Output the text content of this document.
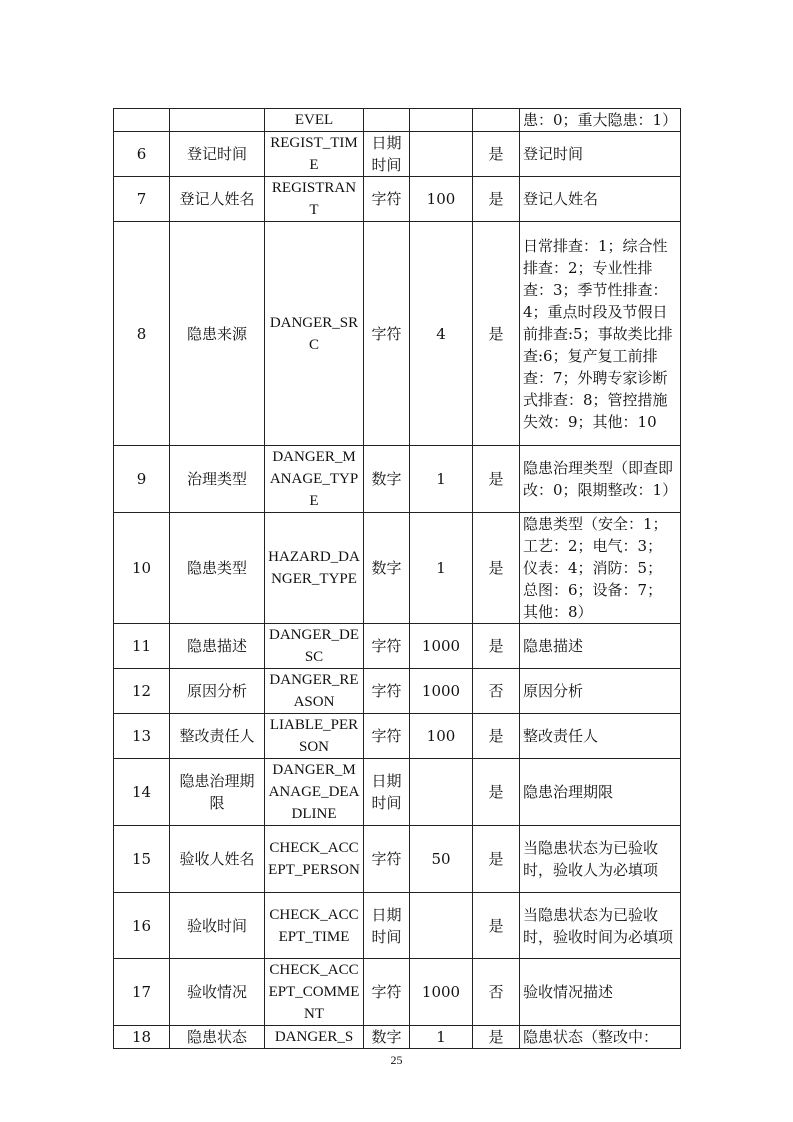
		EVEL				患：0；重大隐患：1）
6	登记时间	REGIST_TIME	日期时间		是	登记时间
7	登记人姓名	REGISTRANT	字符	100	是	登记人姓名
8	隐患来源	DANGER_SRC	字符	4	是	日常排查：1；综合性排查：2；专业性排查：3；季节性排查：4；重点时段及节假日前排查:5；事故类比排查:6；复产复工前排查：7；外聘专家诊断式排查：8；管控措施失效：9；其他：10
9	治理类型	DANGER_MANAGE_TYPE	数字	1	是	隐患治理类型（即查即改：0；限期整改：1）
10	隐患类型	HAZARD_DANGER_TYPE	数字	1	是	隐患类型（安全：1；工艺：2；电气：3；仪表：4；消防：5；总图：6；设备：7；其他：8）
11	隐患描述	DANGER_DESC	字符	1000	是	隐患描述
12	原因分析	DANGER_REASON	字符	1000	否	原因分析
13	整改责任人	LIABLE_PERSON	字符	100	是	整改责任人
14	隐患治理期限	DANGER_MANAGE_DEADLINE	日期时间		是	隐患治理期限
15	验收人姓名	CHECK_ACCEPT_PERSON	字符	50	是	当隐患状态为已验收时，验收人为必填项
16	验收时间	CHECK_ACCEPT_TIME	日期时间		是	当隐患状态为已验收时，验收时间为必填项
17	验收情况	CHECK_ACCEPT_COMMENT	字符	1000	否	验收情况描述
18	隐患状态	DANGER_S	数字	1	是	隐患状态（整改中：
25
